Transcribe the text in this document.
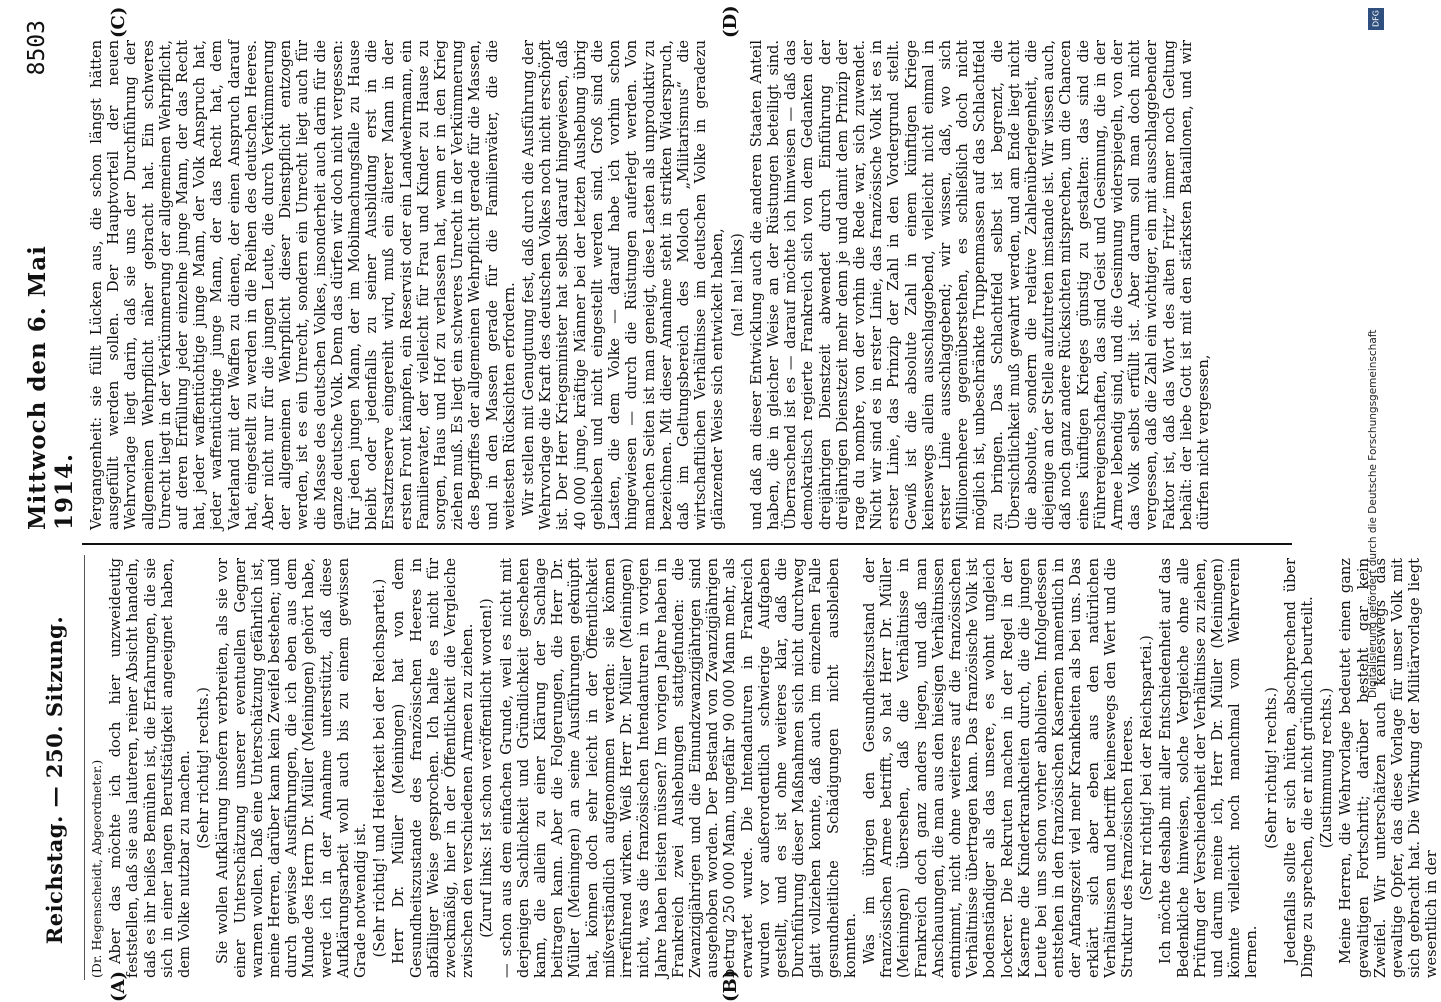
Reichstag. — 250. Sitzung.
Mittwoch den 6. Mai 1914.
8503
(A)	(B)
(C)	(D)

(Dr. Hegenscheidt, Abgeordneter.) Aber das möchte ich doch hier unzweideutig feststellen, daß sie aus lauteren, reiner Absicht handeln, daß es ihr heißes Bemühen ist, die Erfahrungen, die sie sich in einer langen Berufstätigkeit angeeignet haben, dem Volke nutzbar zu machen. (Sehr richtig! rechts.) Sie wollen Aufklärung insofern verbreiten, als sie vor einer Unterschätzung unserer eventuellen Gegner warnen wollen. Daß eine Unterschätzung gefährlich ist, meine Herren, darüber kann kein Zweifel bestehen; und durch gewisse Ausführungen, die ich eben aus dem Munde des Herrn Dr. Müller (Meiningen) gehört habe, werde ich in der Annahme unterstützt, daß diese Aufklärungsarbeit wohl auch bis zu einem gewissen Grade notwendig ist. (Sehr richtig! und Heiterkeit bei der Reichspartei.) Herr Dr. Müller (Meiningen) hat von dem Gesundheitszustande des französischen Heeres in abfälliger Weise gesprochen. Ich halte es nicht für zweckmäßig, hier in der Öffentlichkeit die Vergleiche zwischen den verschiedenen Armeen zu ziehen. (Zuruf links: Ist schon veröffentlicht worden!) — schon aus dem einfachen Grunde, weil es nicht mit derjenigen Sachlichkeit und Gründlichkeit geschehen kann, die allein zu einer Klärung der Sachlage beitragen kann. Aber die Folgerungen, die Herr Dr. Müller (Meiningen) an seine Ausführungen geknüpft hat, können doch sehr leicht in der Öffentlichkeit mißverständlich aufgenommen werden: sie können irreführend wirken. Weiß Herr Dr. Müller (Meiningen) nicht, was die französischen Intendanturen in vorigen Jahre haben leisten müssen? Im vorigen Jahre haben in Frankreich zwei Aushebungen stattgefunden: die Zwanzigjährigen und die Einundzwanzigjährigen sind ausgehoben worden. Der Bestand von Zwanzigjährigen betrug 250 000 Mann, ungefähr 90 000 Mann mehr, als erwartet wurde. Die Intendanturen in Frankreich wurden vor außerordentlich schwierige Aufgaben gestellt, und es ist ohne weiteres klar, daß die Durchführung dieser Maßnahmen sich nicht durchweg glatt vollziehen konnte, daß auch im einzelnen Falle gesundheitliche Schädigungen nicht ausbleiben konnten. Was im übrigen den Gesundheitszustand der französischen Armee betrifft, so hat Herr Dr. Müller (Meiningen) übersehen, daß die Verhältnisse in Frankreich doch ganz anders liegen, und daß man Anschauungen, die man aus den hiesigen Verhältnissen entnimmt, nicht ohne weiteres auf die französischen Verhältnisse übertragen kann. Das französische Volk ist bodenständiger als das unsere, es wohnt ungleich lockerer. Die Rekruten machen in der Regel in der Kaserne die Kinderkrankheiten durch, die die jungen Leute bei uns schon vorher abholieren. Infolgedessen entstehen in den französischen Kasernen namentlich in der Anfangszeit viel mehr Krankheiten als bei uns. Das erklärt sich aber eben aus den natürlichen Verhältnissen und betrifft keineswegs den Wert und die Struktur des französischen Heeres. (Sehr richtig! bei der Reichspartei.) Ich möchte deshalb mit aller Entschiedenheit auf das Bedenkliche hinweisen, solche Vergleiche ohne alle Prüfung der Verschiedenheit der Verhältnisse zu ziehen, und darum meine ich, Herr Dr. Müller (Meiningen) könnte vielleicht noch manchmal vom Wehrverein lernen.

(Sehr richtig! rechts.) Jedenfalls sollte er sich hüten, abschprechend über Dinge zu sprechen, die er nicht gründlich beurteilt. (Zustimmung rechts.) Meine Herren, die Wehrvorlage bedeutet einen ganz gewaltigen Fortschritt; darüber besteht gar kein Zweifel. Wir unterschätzen auch keineswegs das gewaltige Opfer, das diese Vorlage für unser Volk mit sich gebracht hat. Die Wirkung der Militärvorlage liegt wesentlich in der

Vergangenheit: sie füllt Lücken aus, die schon längst hätten ausgefüllt werden sollen. Der Hauptvorteil der neuen Wehrvorlage liegt darin, daß sie uns der Durchführung der allgemeinen Wehrpflicht näher gebracht hat. Ein schweres Unrecht liegt in der Verkümmerung der allgemeinen Wehrpflicht, auf deren Erfüllung jeder einzelne junge Mann, der das Recht hat, jeder waffentüchtige junge Mann, der Volk Anspruch hat, jeder waffentüchtige junge Mann, der das Recht hat, dem Vaterland mit der Waffen zu dienen, der einen Anspruch darauf hat, eingestellt zu werden in die Reihen des deutschen Heeres. Aber nicht nur für die jungen Leute, die durch Verkümmerung der allgemeinen Wehrpflicht dieser Dienstpflicht entzogen werden, ist es ein Unrecht, sondern ein Unrecht liegt auch für die Masse des deutschen Volkes, insonderheit auch darin für die ganze deutsche Volk. Denn das dürfen wir doch nicht vergessen: für jeden jungen Mann, der im Mobilmachungsfalle zu Hause bleibt oder jedenfalls zu seiner Ausbildung erst in die Ersatzreserve eingereiht wird, muß ein älterer Mann in der ersten Front kämpfen, ein Reservist oder ein Landwehrmann, ein Familienvater, der vielleicht für Frau und Kinder zu Hause zu sorgen, Haus und Hof zu verlassen hat, wenn er in den Krieg ziehen muß. Es liegt ein schweres Unrecht in der Verkümmerung des Begriffes der allgemeinen Wehrpflicht gerade für die Massen, und in den Massen gerade für die Familienväter, die die weitesten Rücksichten erfordern. Wir stellen mit Genugtuung fest, daß durch die Ausführung der Wehrvorlage die Kraft des deutschen Volkes noch nicht erschöpft ist. Der Herr Kriegsminister hat selbst darauf hingewiesen, daß 40 000 junge, kräftige Männer bei der letzten Aushebung übrig geblieben und nicht eingestellt werden sind. Groß sind die Lasten, die dem Volke — darauf habe ich vorhin schon hingewiesen — durch die Rüstungen auferlegt werden. Von manchen Seiten ist man geneigt, diese Lasten als unproduktiv zu bezeichnen. Mit dieser Annahme steht in strikten Widerspruch, daß im Geltungsbereich des Moloch „Militarismus“ die wirtschaftlichen Verhältnisse im deutschen Volke in geradezu glänzender Weise sich entwickelt haben, (na! na! links) und daß an dieser Entwicklung auch die anderen Staaten Anteil haben, die in gleicher Weise an der Rüstungen beteiligt sind. Überraschend ist es — darauf möchte ich hinweisen — daß das demokratisch regierte Frankreich sich von dem Gedanken der dreijährigen Dienstzeit abwendet durch Einführung der dreijährigen Dienstzeit mehr denn je und damit dem Prinzip der rage du nombre, von der vorhin die Rede war, sich zuwendet. Nicht wir sind es in erster Linie, das französische Volk ist es in erster Linie, das Prinzip der Zahl in den Vordergrund stellt. Gewiß ist die absolute Zahl in einem künftigen Kriege keineswegs allein ausschlaggebend, vielleicht nicht einmal in erster Linie ausschlaggebend; wir wissen, daß, wo sich Millionenheere gegenüberstehen, es schließlich doch nicht möglich ist, unbeschränkte Truppenmassen auf das Schlachtfeld zu bringen. Das Schlachtfeld selbst ist begrenzt, die Übersichtlichkeit muß gewahrt werden, und am Ende liegt nicht die absolute, sondern die relative Zahlenüberlegenheit, die diejenige an der Stelle aufzutreten imstande ist. Wir wissen auch, daß noch ganz andere Rücksichten mitsprechen, um die Chancen eines künftigen Krieges günstig zu gestalten: das sind die Führereigenschaften, das sind Geist und Gesinnung, die in der Armee lebendig sind, und die Gesinnung widerspiegeln, von der das Volk selbst erfüllt ist. Aber darum soll man doch nicht vergessen, daß die Zahl ein wichtiger, ein mit ausschlaggebender Faktor ist, daß das Wort des alten Fritz“ immer noch Geltung behält: der liebe Gott ist mit den stärksten Bataillonen, und wir dürfen nicht vergessen,

DFG
Digitalisierung gefördert durch die Deutsche Forschungsgemeinschaft
